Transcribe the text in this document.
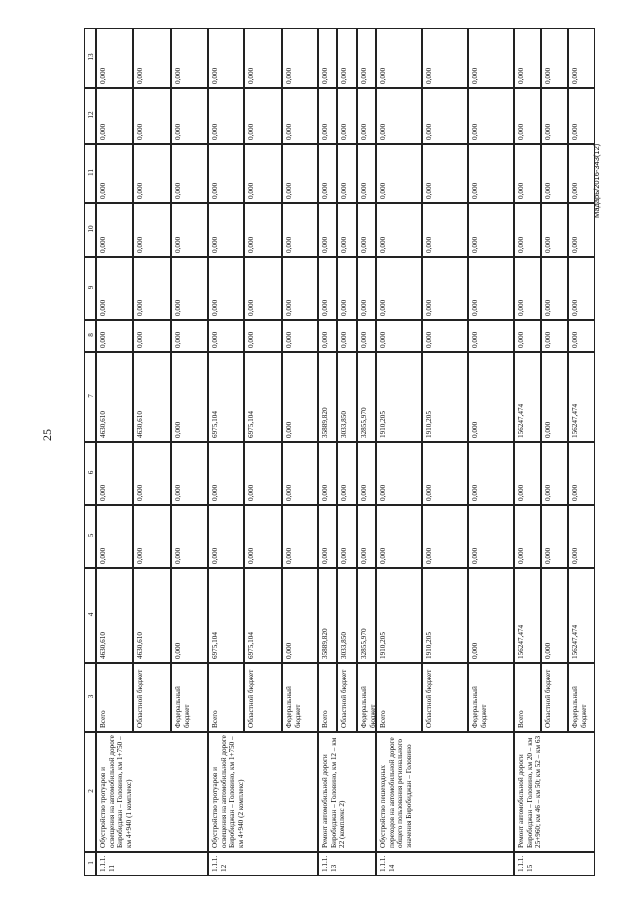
25
Мадарь/2016-343(12)
1
2
3
4
5
6
7
8
9
10
11
12
13
1.1.1.11
Обустройство тротуаров и освещения на автомобильной дороге Биробиджан – Головино, км 1+750 – км 4+940 (1 комплекс)
Всего
4630,610
0,000
0,000
4630,610
0,000
0,000
0,000
0,000
0,000
0,000
Областной бюджет
4630,610
0,000
0,000
4630,610
0,000
0,000
0,000
0,000
0,000
0,000
Федеральный бюджет
0,000
0,000
0,000
0,000
0,000
0,000
0,000
0,000
0,000
0,000
1.1.1.12
Обустройство тротуаров и освещения на автомобильной дороге Биробиджан – Головино, км 1+750 – км 4+940 (2 комплекс)
Всего
6975,104
0,000
0,000
6975,104
0,000
0,000
0,000
0,000
0,000
0,000
Областной бюджет
6975,104
0,000
0,000
6975,104
0,000
0,000
0,000
0,000
0,000
0,000
Федеральный бюджет
0,000
0,000
0,000
0,000
0,000
0,000
0,000
0,000
0,000
0,000
1.1.1.13
Ремонт автомобильной дороги Биробиджан – Головино, км 12 – км 22 (комплекс 2)
Всего
35889,820
0,000
0,000
35889,820
0,000
0,000
0,000
0,000
0,000
0,000
Областной бюджет
3033,850
0,000
0,000
3033,850
0,000
0,000
0,000
0,000
0,000
0,000
Федеральный бюджет
32855,970
0,000
0,000
32855,970
0,000
0,000
0,000
0,000
0,000
0,000
1.1.1.14
Обустройство пешеходных переходов на автомобильной дороге общего пользования регионального значения Биробиджан – Головино
Всего
1910,205
0,000
0,000
1910,205
0,000
0,000
0,000
0,000
0,000
0,000
Областной бюджет
1910,205
0,000
0,000
1910,205
0,000
0,000
0,000
0,000
0,000
0,000
Федеральный бюджет
0,000
0,000
0,000
0,000
0,000
0,000
0,000
0,000
0,000
0,000
1.1.1.15
Ремонт автомобильной дороги Биробиджан – Головино, км 20 – км 25+960; км 46 – км 50; км 52 – км 63
Всего
156247,474
0,000
0,000
156247,474
0,000
0,000
0,000
0,000
0,000
0,000
Областной бюджет
0,000
0,000
0,000
0,000
0,000
0,000
0,000
0,000
0,000
0,000
Федеральный бюджет
156247,474
0,000
0,000
156247,474
0,000
0,000
0,000
0,000
0,000
0,000
